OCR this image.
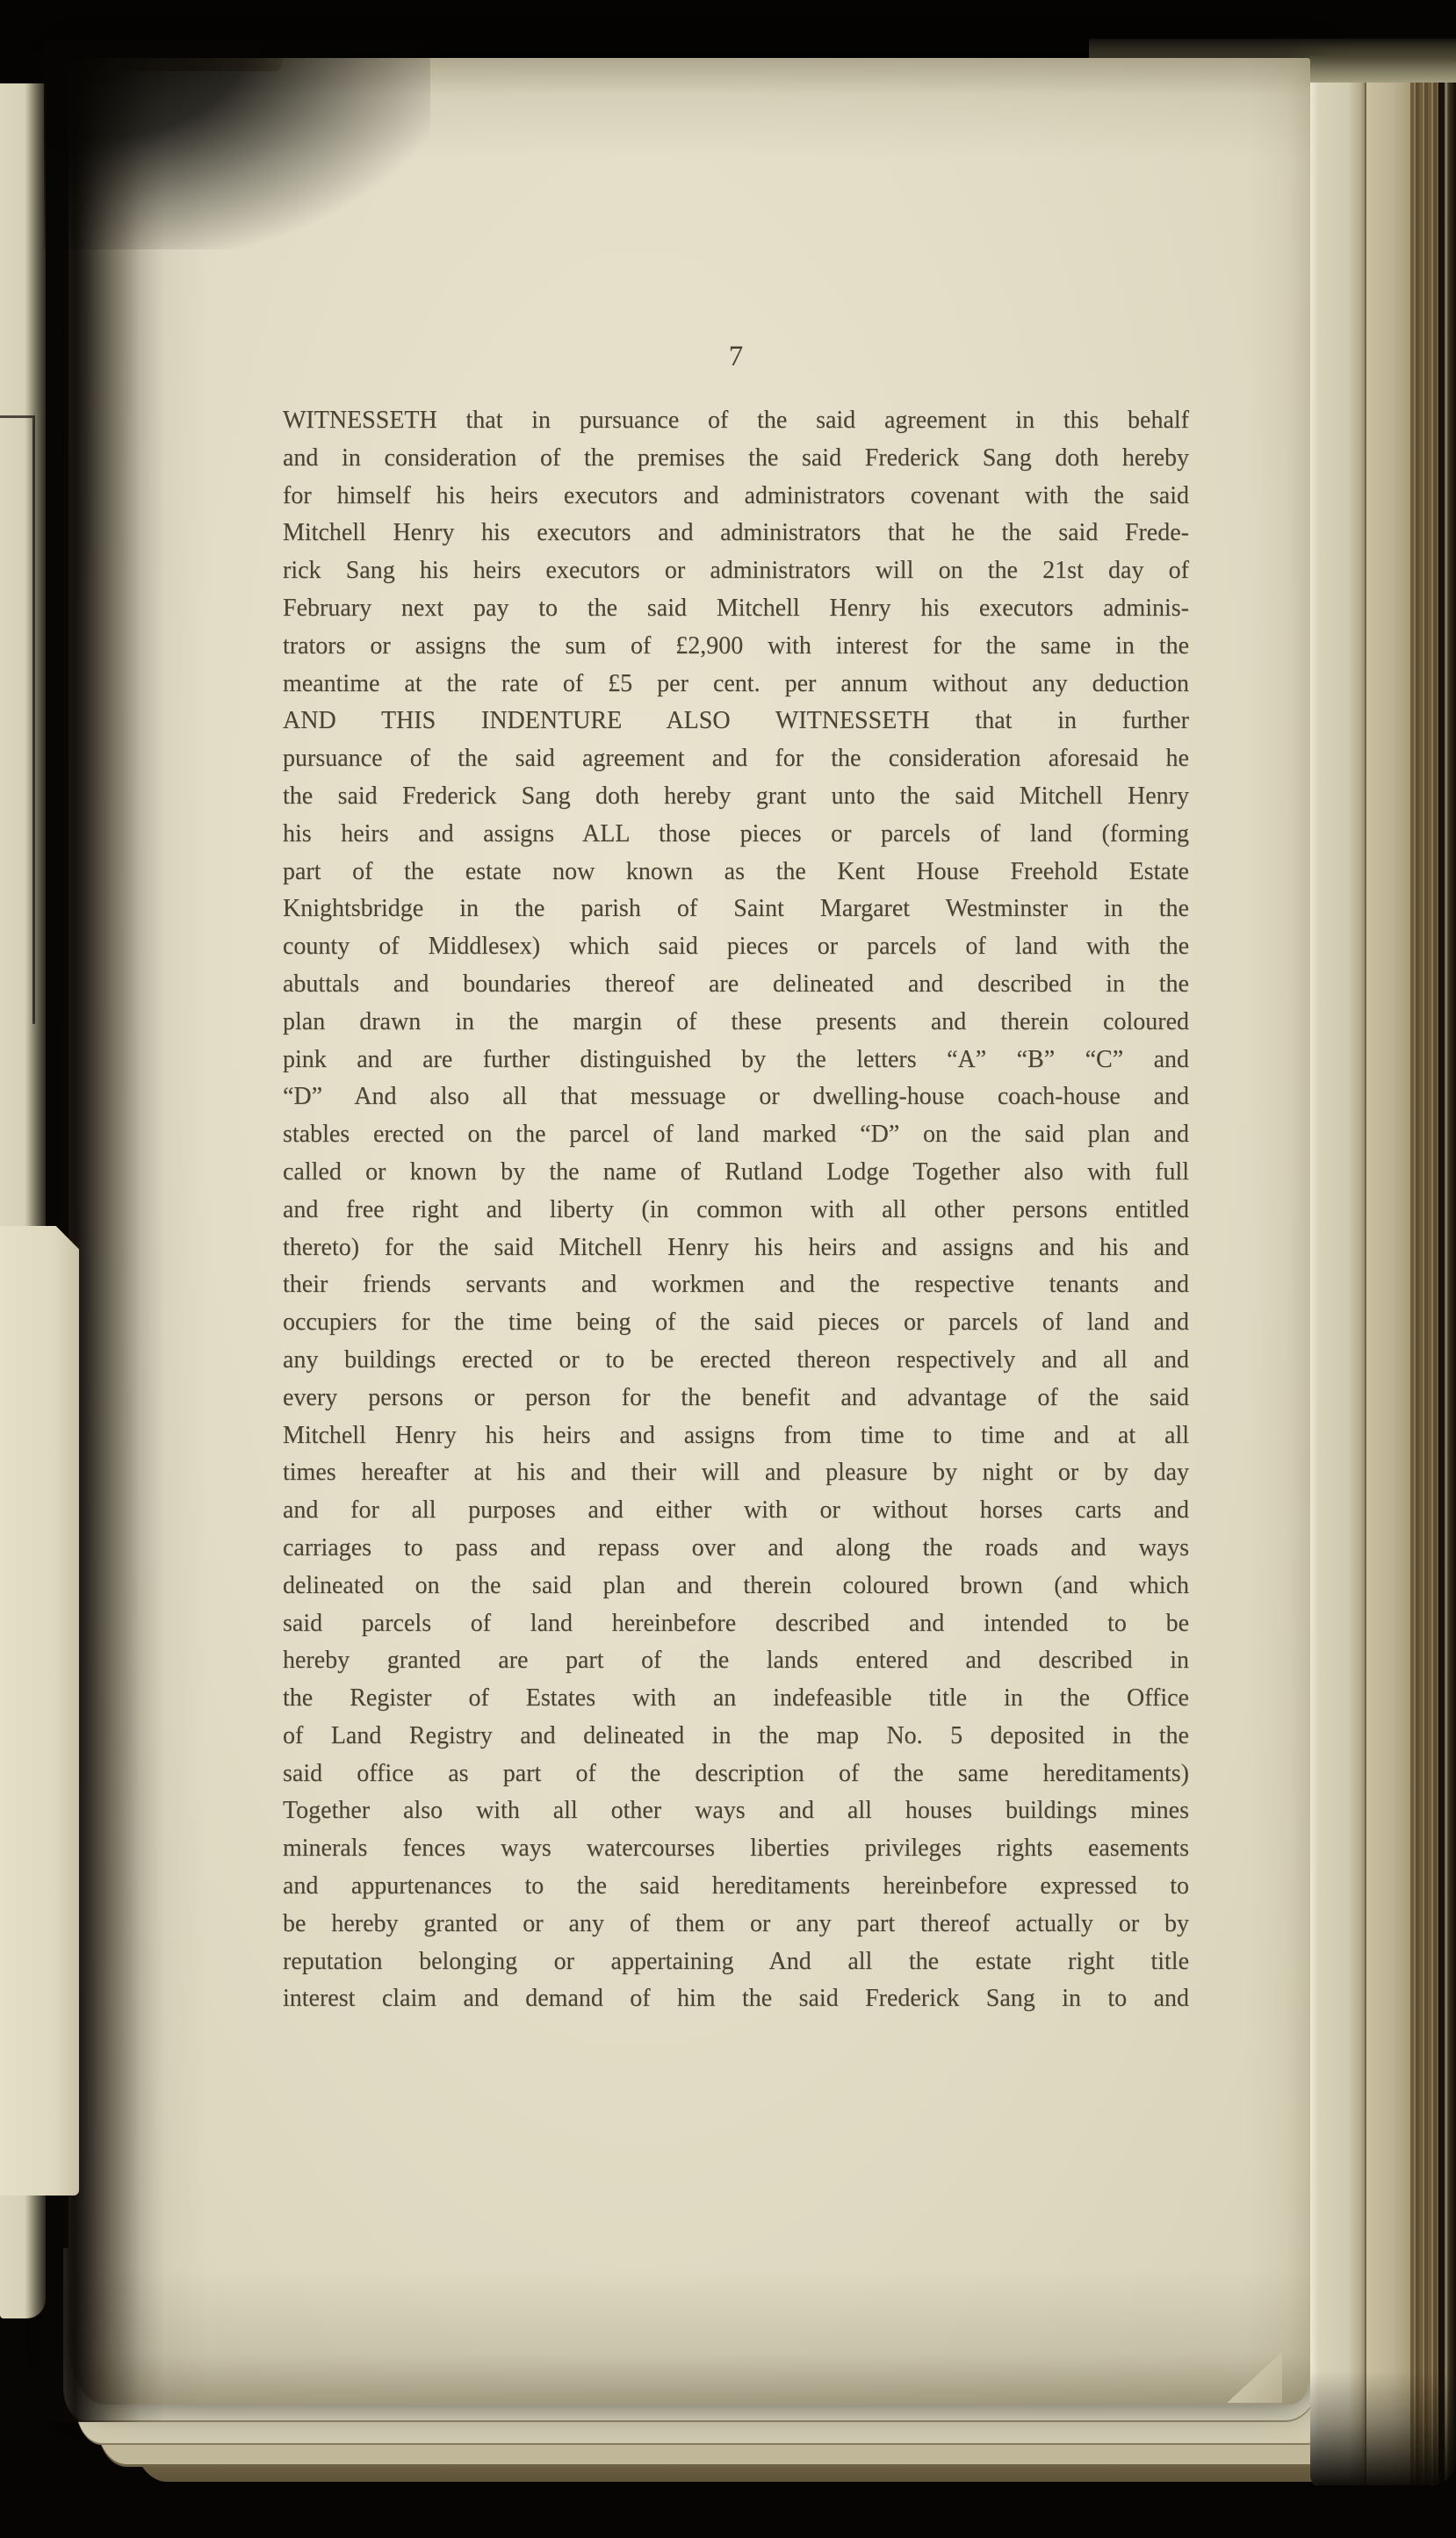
7
WITNESSETH that in pursuance of the said agreement in this behalf
and in consideration of the premises the said Frederick Sang doth hereby
for himself his heirs executors and administrators covenant with the said
Mitchell Henry his executors and administrators that he the said Frede-
rick Sang his heirs executors or administrators will on the 21st day of
February next pay to the said Mitchell Henry his executors adminis-
trators or assigns the sum of £2,900 with interest for the same in the
meantime at the rate of £5 per cent. per annum without any deduction
AND THIS INDENTURE ALSO WITNESSETH that in further
pursuance of the said agreement and for the consideration aforesaid he
the said Frederick Sang doth hereby grant unto the said Mitchell Henry
his heirs and assigns ALL those pieces or parcels of land (forming
part of the estate now known as the Kent House Freehold Estate
Knightsbridge in the parish of Saint Margaret Westminster in the
county of Middlesex) which said pieces or parcels of land with the
abuttals and boundaries thereof are delineated and described in the
plan drawn in the margin of these presents and therein coloured
pink and are further distinguished by the letters “A” “B” “C” and
“D” And also all that messuage or dwelling-house coach-house and
stables erected on the parcel of land marked “D” on the said plan and
called or known by the name of Rutland Lodge Together also with full
and free right and liberty (in common with all other persons entitled
thereto) for the said Mitchell Henry his heirs and assigns and his and
their friends servants and workmen and the respective tenants and
occupiers for the time being of the said pieces or parcels of land and
any buildings erected or to be erected thereon respectively and all and
every persons or person for the benefit and advantage of the said
Mitchell Henry his heirs and assigns from time to time and at all
times hereafter at his and their will and pleasure by night or by day
and for all purposes and either with or without horses carts and
carriages to pass and repass over and along the roads and ways
delineated on the said plan and therein coloured brown (and which
said parcels of land hereinbefore described and intended to be
hereby granted are part of the lands entered and described in
the Register of Estates with an indefeasible title in the Office
of Land Registry and delineated in the map No. 5 deposited in the
said office as part of the description of the same hereditaments)
Together also with all other ways and all houses buildings mines
minerals fences ways watercourses liberties privileges rights easements
and appurtenances to the said hereditaments hereinbefore expressed to
be hereby granted or any of them or any part thereof actually or by
reputation belonging or appertaining And all the estate right title
interest claim and demand of him the said Frederick Sang in to and
